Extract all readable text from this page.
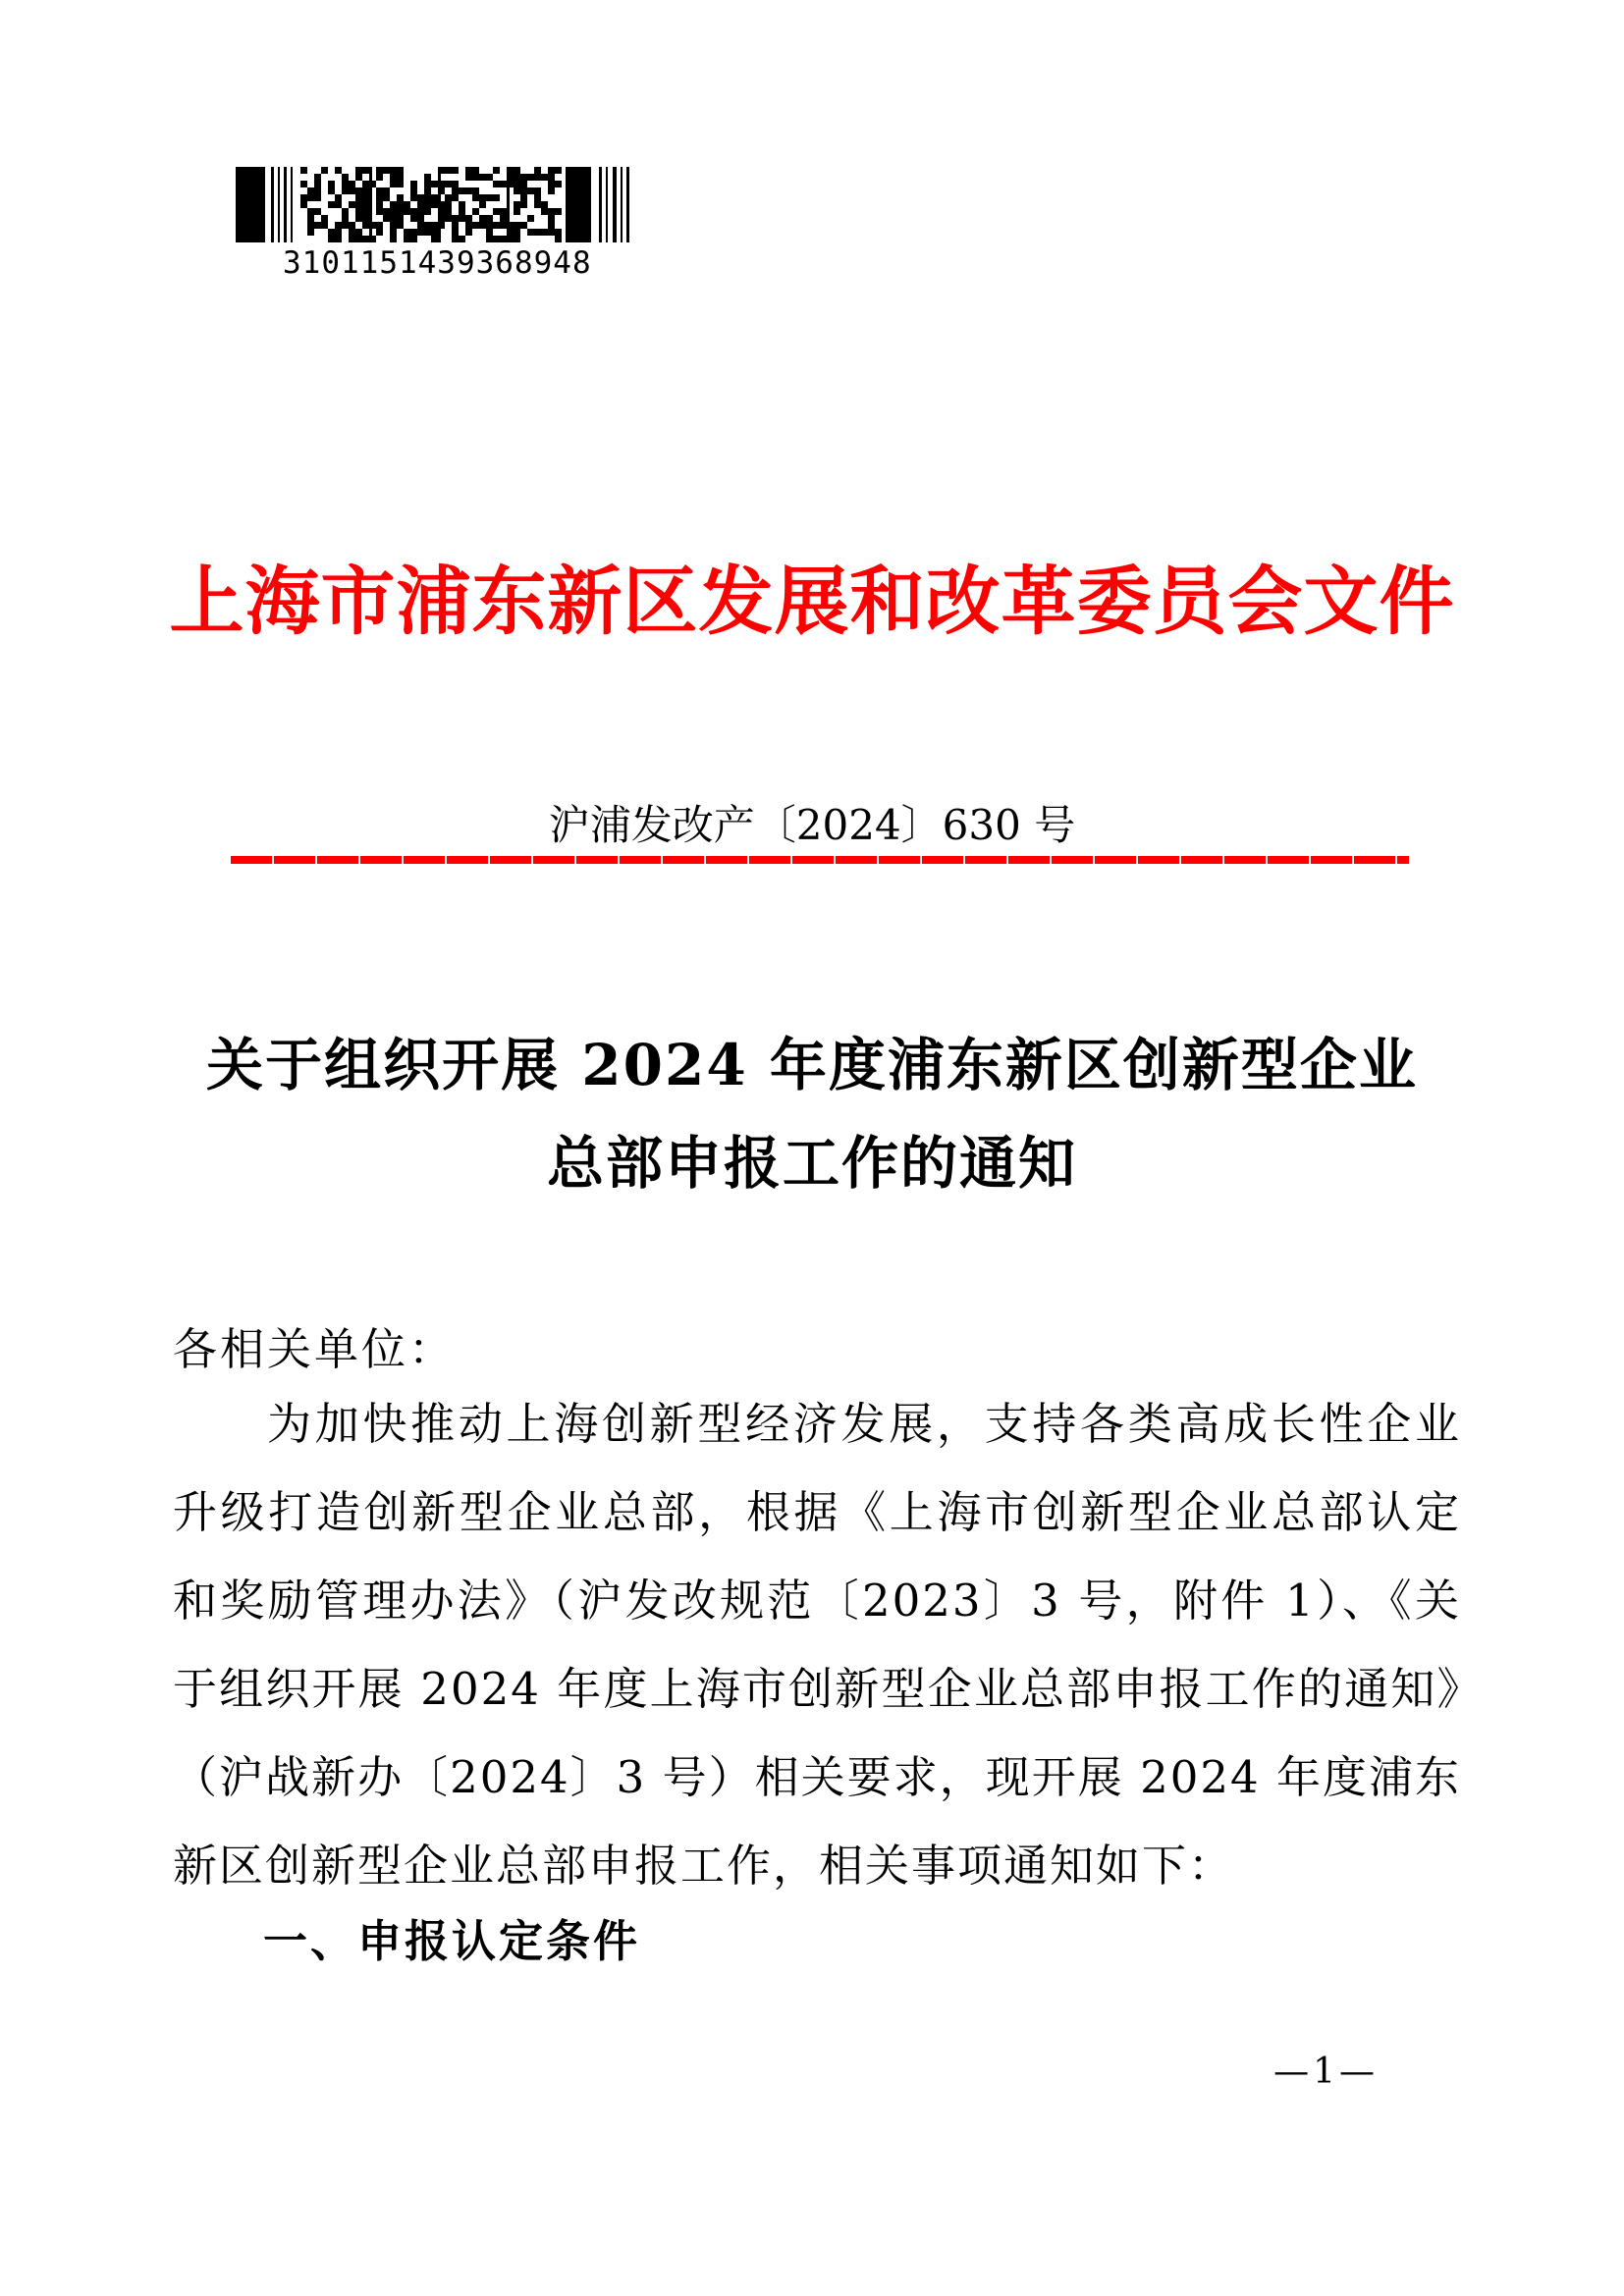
3101151439368948
上海市浦东新区发展和改革委员会文件
沪浦发改产〔2024〕630 号
关于组织开展 2024 年度浦东新区创新型企业
总部申报工作的通知
各相关单位：
为加快推动上海创新型经济发展，支持各类高成长性企业升级打造创新型企业总部，根据《上海市创新型企业总部认定和奖励管理办法》（沪发改规范〔2023〕3 号，附件 1）、《关于组织开展 2024 年度上海市创新型企业总部申报工作的通知》（沪战新办〔2024〕3 号）相关要求，现开展 2024 年度浦东新区创新型企业总部申报工作，相关事项通知如下：
一、申报认定条件
—1—
